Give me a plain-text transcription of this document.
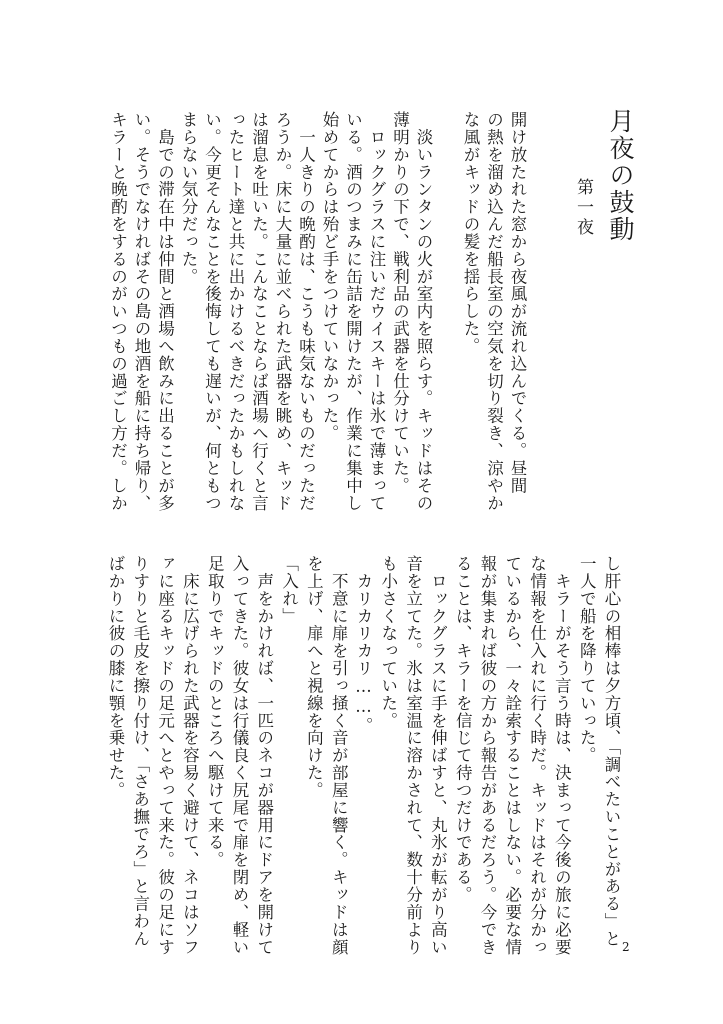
月夜の鼓動
第一夜
開け放たれた窓から夜風が流れ込んでくる。昼間
の熱を溜め込んだ船長室の空気を切り裂き、涼やか
な風がキッドの髪を揺らした。
　淡いランタンの火が室内を照らす。キッドはその
薄明かりの下で、戦利品の武器を仕分けていた。
　ロックグラスに注いだウイスキーは氷で薄まって
いる。酒のつまみに缶詰を開けたが、作業に集中し
始めてからは殆ど手をつけていなかった。
　一人きりの晩酌は、こうも味気ないものだっただ
ろうか。床に大量に並べられた武器を眺め、キッド
は溜息を吐いた。こんなことならば酒場へ行くと言
ったヒート達と共に出かけるべきだったかもしれな
い。今更そんなことを後悔しても遅いが、何ともつ
まらない気分だった。
　島での滞在中は仲間と酒場へ飲みに出ることが多
い。そうでなければその島の地酒を船に持ち帰り、
キラーと晩酌をするのがいつもの過ごし方だ。しか
し肝心の相棒は夕方頃、「調べたいことがある」と
一人で船を降りていった。
　キラーがそう言う時は、決まって今後の旅に必要
な情報を仕入れに行く時だ。キッドはそれが分かっ
ているから、一々詮索することはしない。必要な情
報が集まれば彼の方から報告があるだろう。今でき
ることは、キラーを信じて待つだけである。
　ロックグラスに手を伸ばすと、丸氷が転がり高い
音を立てた。氷は室温に溶かされて、数十分前より
も小さくなっていた。
　カリカリカリ……。
　不意に扉を引っ掻く音が部屋に響く。キッドは顔
を上げ、扉へと視線を向けた。
「入れ」
　声をかければ、一匹のネコが器用にドアを開けて
入ってきた。彼女は行儀良く尻尾で扉を閉め、軽い
足取りでキッドのところへ駆けて来る。
　床に広げられた武器を容易く避けて、ネコはソフ
ァに座るキッドの足元へとやって来た。彼の足にす
りすりと毛皮を擦り付け、「さあ撫でろ」と言わん
ばかりに彼の膝に顎を乗せた。
2
